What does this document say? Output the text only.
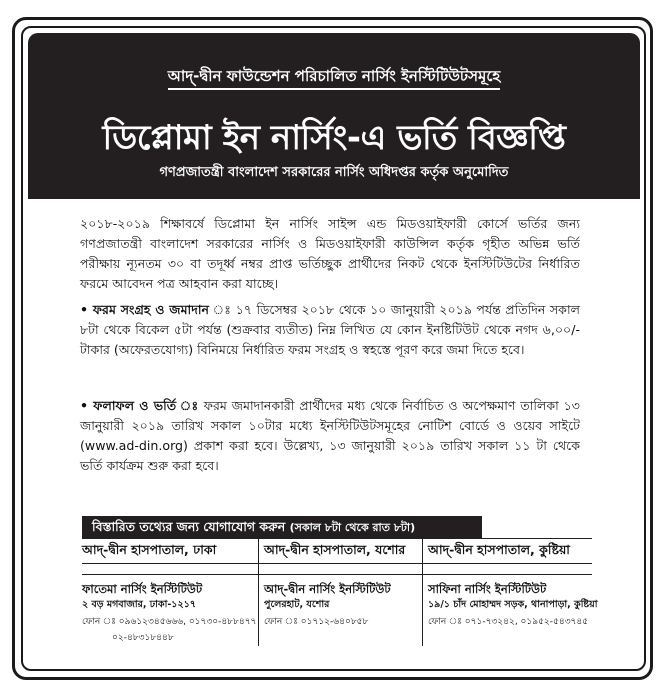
আদ্-দ্বীন ফাউন্ডেশন পরিচালিত নার্সিং ইনস্টিটিউটসমূহে
ডিপ্লোমা ইন নার্সিং-এ ভর্তি বিজ্ঞপ্তি
গণপ্রজাতন্ত্রী বাংলাদেশ সরকারের নার্সিং অধিদপ্তর কর্তৃক অনুমোদিত
২০১৮-২০১৯ শিক্ষাবর্ষে ডিপ্লোমা ইন নার্সিং সাইন্স এন্ড মিডওয়াইফারী কোর্সে ভর্তির জন্য গণপ্রজাতন্ত্রী বাংলাদেশ সরকারের নার্সিং ও মিডওয়াইফারী কাউন্সিল কর্তৃক গৃহীত অভিন্ন ভর্তি পরীক্ষায় ন্যূনতম ৩০ বা তদূর্ধ্ব নম্বর প্রাপ্ত ভর্তিচ্ছুক প্রার্থীদের নিকট থেকে ইনস্টিটিউটের নির্ধারিত ফরমে আবেদন পত্র আহবান করা যাচ্ছে।
• ফরম সংগ্রহ ও জমাদান ঃ ১৭ ডিসেম্বর ২০১৮ থেকে ১০ জানুয়ারী ২০১৯ পর্যন্ত প্রতিদিন সকাল ৮টা থেকে বিকেল ৫টা পর্যন্ত (শুক্রবার ব্যতীত) নিম্ন লিখিত যে কোন ইনষ্টিটিউট থেকে নগদ ৬,০০/- টাকার (অফেরতযোগ্য) বিনিময়ে নির্ধারিত ফরম সংগ্রহ ও স্বহস্তে পূরণ করে জমা দিতে হবে।
• ফলাফল ও ভর্তি ঃ ফরম জমাদানকারী প্রার্থীদের মধ্য থেকে নির্বাচিত ও অপেক্ষমাণ তালিকা ১৩ জানুয়ারী ২০১৯ তারিখ সকাল ১০টার মধ্যে ইনস্টিটিউটসমূহের নোটিশ বোর্ডে ও ওয়েব সাইটে (www.ad-din.org) প্রকাশ করা হবে। উল্লেখ্য, ১৩ জানুয়ারী ২০১৯ তারিখ সকাল ১১ টা থেকে ভর্তি কার্যক্রম শুরু করা হবে।
বিস্তারিত তথ্যের জন্য যোগাযোগ করুন (সকাল ৮টা থেকে রাত ৮টা)
আদ্-দ্বীন হাসপাতাল, ঢাকা
ফাতেমা নার্সিং ইনস্টিটিউট
২ বড় মগবাজার, ঢাকা-১২১৭
ফোন ঃ ০৯৬১২৩৪৫৬৬৬, ০১৭৩০-৪৮৮৪৭৭
০২-৪৮৩১৮৪৪৮
আদ্-দ্বীন হাসপাতাল, যশোর
আদ্-দ্বীন নার্সিং ইনস্টিটিউট
পুলেরহাট, যশোর
ফোন ঃ ০১৭১২-৬৪০৮৫৮
আদ্-দ্বীন হাসপাতাল, কুষ্টিয়া
সাফিনা নার্সিং ইনস্টিটিউট
১৯/১ চাঁদ মোহাম্মদ সড়ক, থানাপাড়া, কুষ্টিয়া
ফোন ঃ ০৭১-৭৩২৪২, ০১৯৫২-৫৪৩৭৪৫
